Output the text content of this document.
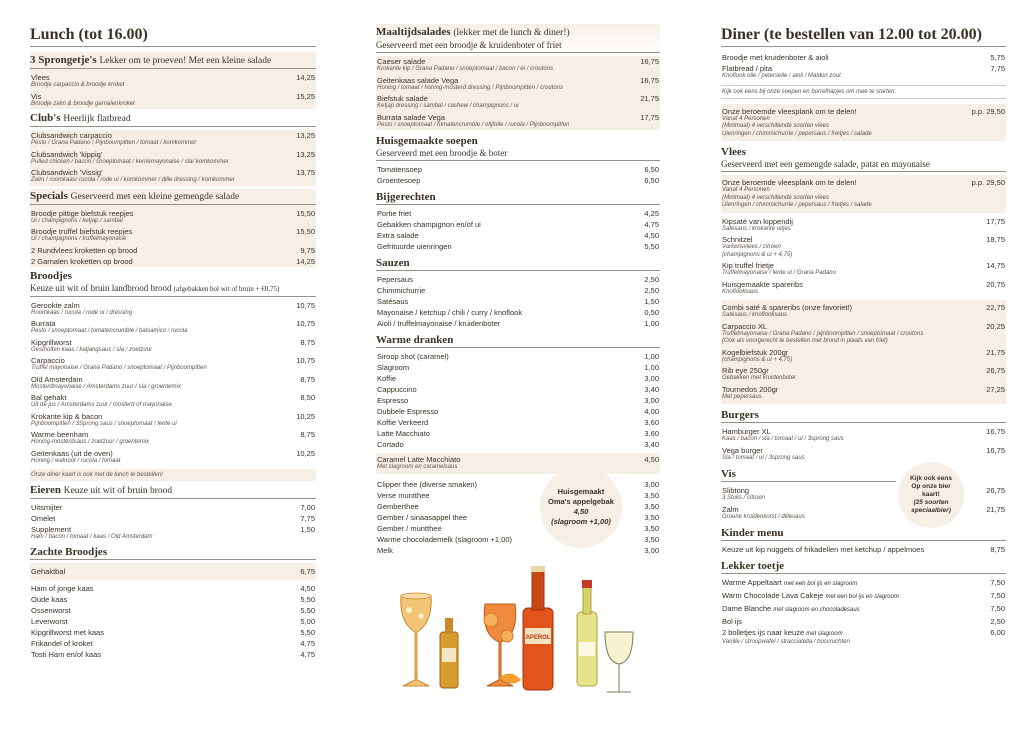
Lunch (tot 16.00)
3 Sprongetje's Lekker om te proeven! Met een kleine salade
Vlees	14,25
Broodje carpaccio & broodje kroket
Vis	15,25
Broodje zalm & broodje garnalenkroket
Club's Heerlijk flatbread
Clubsandwich carpaccio	13,25
Pesto / Grana Padano / Pijnboompitten / tomaat / komkommer
Clubsandwich 'kippig'	13,25
Pulled chicken / bacon / snoeptomaat / kerriemayonaise / sla/ komkommer
Clubsandwich 'Vissig'	13,75
Zalm / roomkaas/ rucola / rode ui / komkommer / dille dressing / komkommer
Specials Geserveerd met een kleine gemengde salade
Broodje pittige biefstuk reepjes	15,50
Ui / champignons / ketjap / sambal
Broodje truffel biefstuk reepjes	15,50
Ui / champignons / truffelmayonaise
2 Rundvlees kroketten op brood	9,75
2 Garnalen kroketten op brood	14,25
Broodjes
Keuze uit wit of bruin landbrood brood (afgebakken bol wit of bruin + €0,75)
Gerookte zalm	10,75
Roomkaas / rucola / rode ui / dressing
Burrata	10,75
Pesto / snoeptomaat / tomatencrumble / balsamico / rucola
Kipgrillworst	8,75
Gesmolten kaas / katjangsaus / sla / zoetzuur
Carpaccio	10,75
Truffel mayonaise / Grana Padano / snoeptomaat / Pijnboompitten
Old Amsterdam	8,75
Mosterdmayonaise / Amsterdams zuur / sla / groentemix
Bal gehakt	8,50
Uit de jus / Amsterdams zuur / mosterd of mayonaise
Krokante kip & bacon	10,25
Pijnboompitten / 3Sprong saus / snoeptomaat / lente ui
Warme beenham	8,75
Honing-mosterdsaus / zoetzuur / groentemix
Geitenkaas (uit de oven)	10,25
Honing / walnoot / rucola / tomaat
Onze diner kaart is ook met de lunch te bestellen!
Eieren Keuze uit wit of bruin brood
Uitsmijter	7,00
Omelet	7,75
Supplement	1,50
Ham / bacon / tomaat / kaas / Old Amsterdam
Zachte Broodjes
Gehaktbal	6,75
Ham of jonge kaas	4,50
Oude kaas	5,50
Ossenworst	5,50
Leverworst	5,00
Kipgrillworst met kaas	5,50
Frikandel of kroket	4,75
Tosti Ham en/of kaas	4,75
Maaltijdsalades (lekker met de lunch & diner!)
Geserveerd met een broodje & kruidenboter of friet
Caeser salade	16,75
Krokante kip / Grana Padano / snoeptomaat / bacon / ei / croutons
Geitenkaas salade Vega	16,75
Honing / tomaat / honing-mosterd dressing / Pijnboompitten / croutons
Biefstuk salade	21,75
Ketjap dressing / sambal / cashew / champignons / ui
Burrata salade Vega	17,75
Pesto / snoeptomaat / tomatencrumble / olijfolie / rucola / Pijnboompitten
Huisgemaakte soepen
Geserveerd met een broodje & boter
Tomatensoep	6,50
Groentesoep	6,50
Bijgerechten
Portie friet	4,25
Gebakken champignon en/of ui	4,75
Extra salade	4,50
Gefrituurde uienringen	5,50
Sauzen
Pepersaus	2,50
Chimmichurrie	2,50
Satésaus	1,50
Mayonaise / ketchup / chili / curry / knoflook	0,50
Aioli / truffelmayonaise / kruidenboter	1,00
Warme dranken
Siroop shot (caramel)	1,00
Slagroom	1,00
Koffie	3,00
Cappuccino	3,40
Espresso	3,00
Dubbele Espresso	4,00
Koffie Verkeerd	3,60
Latte Macchiato	3,60
Cortado	3,40
Caramel Latte Macchiato	4,50
Met slagroom en caramelsaus
Clipper thee (diverse smaken)	3,00
Verse muntthee	3,50
Gemberthee	3,50
Gember / sinaasappel thee	3,50
Gember / muntthee	3,50
Warme chocolademelk (slagroom +1,00)	3,50
Melk	3,00
Huisgemaakt
Oma's appelgebak
4,50
(slagroom +1,00)
APEROL
Diner (te bestellen van 12.00 tot 20.00)
Broodje met kruidenboter & aioli	5,75
Flatbread / pita	7,75
Knoflook olie / peterselie / aioli / Maldon zout
Kijk ook eens bij onze soepen en borrelhapjes om mee te starten.
Onze beroemde vleesplank om te delen!	p.p. 29,50
Vanaf 4 Personen
(Minimaal) 4 verschillende soorten vlees
Uienringen / chimmichurrie / pepersaus / frietjes / salade
Vlees
Geserveerd met een gemengde salade, patat en mayonaise
Onze beroemde vleesplank om te delen!	p.p. 29,50
Vanaf 4 Personen
(Minimaal) 4 verschillende soorten vlees
Uienringen / chimmichurrie / pepersaus / frietjes / salade
Kipsaté van kippendij	17,75
Satésaus / krokante uitjes
Schnitzel	18,75
Varkensvlees / citroen
(champignons & ui + 4,75)
Kip truffel frietje	14,75
Truffelmayonaise / lente ui / Grana Padano
Huisgemaakte spareribs	20,75
Knoflooksaus
Combi saté & spareribs (onze favoriet!)	22,75
Satésaus / knoflooksaus
Carpaccio XL	20,25
Truffelmayonaise / Grana Padano / pijnboompitten / snoeptomaat / croutons
(Ook als voorgerecht te bestellen met brood in plaats van friet)
Kogelbiefstuk 200gr	21,75
(champignons & ui + 4,75)
Rib eye 250gr	26,75
Gebakken met kruidenboter
Tournedos 200gr	27,25
Met pepersaus
Burgers
Hamburger XL	16,75
Kaas / bacon / sla / tomaat / ui / 3sprong saus
Vega burger	16,75
Sla / tomaat / ui / 3sprong saus
Vis
Slibtong	26,75
3 Stuks / citroen
Zalm	21,75
Groene kruidenkorst / dillesaus
Kinder menu
Keuze uit kip nuggets of frikadellen met ketchup / appelmoes	8,75
Lekker toetje
Warme Appeltaart met een bol ijs en slagroom	7,50
Warm Chocolade Lava Cakeje met een bol ijs en slagroom	7,50
Dame Blanche met slagroom en chocoladesaus	7,50
Bol ijs	2,50
2 bolletjes ijs naar keuze met slagroom	6,00
Vanille / stroopwafel / stracciatella / bosvruchten
Kijk ook eens
Op onze bier
kaart!
(25 soorten
speciaalbier)
